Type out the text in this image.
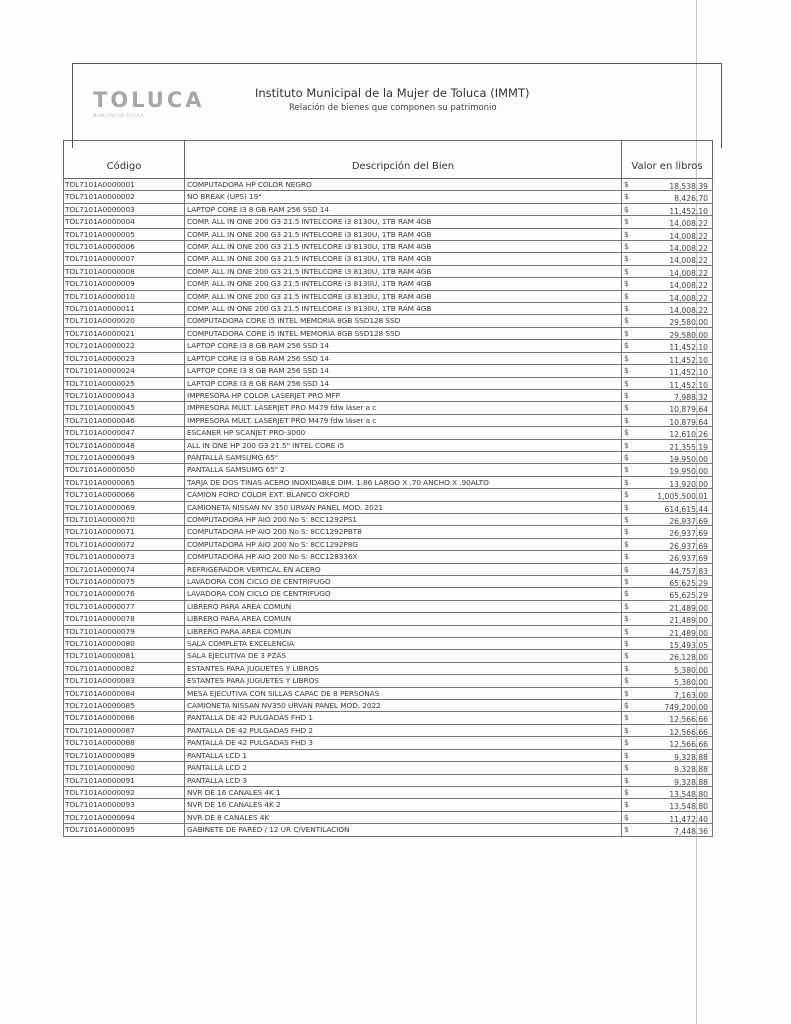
TOLUCA
MUNICIPIO DE TOLUCA
Instituto Municipal de la Mujer de Toluca (IMMT)
Relación de bienes que componen su patrimonio
Código	Descripción del Bien	Valor en libros
TOL7101A0000001	COMPUTADORA HP COLOR NEGRO	$ 18,538.39

TOL7101A0000002	NO BREAK (UPS) 19"	$ 8,426.70

TOL7101A0000003	LAPTOP CORE I3 8 GB RAM 256 SSD 14	$ 11,452.10

TOL7101A0000004	COMP. ALL IN ONE 200 G3 21.5 INTELCORE i3 8130U, 1TB RAM 4GB	$ 14,008.22

TOL7101A0000005	COMP. ALL IN ONE 200 G3 21.5 INTELCORE i3 8130U, 1TB RAM 4GB	$ 14,008.22

TOL7101A0000006	COMP. ALL IN ONE 200 G3 21.5 INTELCORE i3 8130U, 1TB RAM 4GB	$ 14,008.22

TOL7101A0000007	COMP. ALL IN ONE 200 G3 21.5 INTELCORE i3 8130U, 1TB RAM 4GB	$ 14,008.22

TOL7101A0000008	COMP. ALL IN ONE 200 G3 21.5 INTELCORE i3 8130U, 1TB RAM 4GB	$ 14,008.22

TOL7101A0000009	COMP. ALL IN ONE 200 G3 21.5 INTELCORE i3 8130U, 1TB RAM 4GB	$ 14,008.22

TOL7101A0000010	COMP. ALL IN ONE 200 G3 21.5 INTELCORE i3 8130U, 1TB RAM 4GB	$ 14,008.22

TOL7101A0000011	COMP. ALL IN ONE 200 G3 21.5 INTELCORE i3 8130U, 1TB RAM 4GB	$ 14,008.22

TOL7101A0000020	COMPUTADORA CORE i5 INTEL MEMORIA 8GB SSD128 SSD	$ 29,580.00

TOL7101A0000021	COMPUTADORA CORE i5 INTEL MEMORIA 8GB SSD128 SSD	$ 29,580.00

TOL7101A0000022	LAPTOP CORE I3 8 GB RAM 256 SSD 14	$ 11,452.10

TOL7101A0000023	LAPTOP CORE I3 8 GB RAM 256 SSD 14	$ 11,452.10

TOL7101A0000024	LAPTOP CORE I3 8 GB RAM 256 SSD 14	$ 11,452.10

TOL7101A0000025	LAPTOP CORE I3 8 GB RAM 256 SSD 14	$ 11,452.10

TOL7101A0000043	IMPRESORA HP COLOR LASERJET PRO MFP	$ 7,988.32

TOL7101A0000045	IMPRESORA MULT. LASERJET PRO M479 fdw láser a c	$ 10,879.64

TOL7101A0000046	IMPRESORA MULT. LASERJET PRO M479 fdw láser a c	$ 10,879.64

TOL7101A0000047	ESCÁNER HP SCANJET PRO-3000	$ 12,610.26

TOL7101A0000048	ALL IN ONE HP 200 G3 21.5" INTEL CORE i5	$ 21,355.19

TOL7101A0000049	PANTALLA SAMSUMG 65"	$ 19,950.00

TOL7101A0000050	PANTALLA SAMSUMG 65" 2	$ 19,950.00

TOL7101A0000065	TARJA DE DOS TINAS ACERO INOXIDABLE DIM. 1.86 LARGO X .70 ANCHO X .90ALTO	$ 13,920.00

TOL7101A0000066	CAMION FORD COLOR EXT. BLANCO OXFORD	$ 1,005,500.01

TOL7101A0000069	CAMIONETA NISSAN NV 350 URVAN PANEL MOD. 2021	$ 614,615.44

TOL7101A0000070	COMPUTADORA HP AIO 200 No S: 8CC1292PS1	$ 26,937.69

TOL7101A0000071	COMPUTADORA HP AIO 200 No S: 8CC1292PBT8	$ 26,937.69

TOL7101A0000072	COMPUTADORA HP AIO 200 No S: 8CC1292P8G	$ 26,937.69

TOL7101A0000073	COMPUTADORA HP AIO 200 No S: 8CC128336X	$ 26,937.69

TOL7101A0000074	REFRIGERADOR VERTICAL EN ACERO	$ 44,757.83

TOL7101A0000075	LAVADORA CON CICLO DE CENTRIFUGO	$ 65,625.29

TOL7101A0000076	LAVADORA CON CICLO DE CENTRIFUGO	$ 65,625.29

TOL7101A0000077	LIBRERO PARA AREA COMUN	$ 21,489.00

TOL7101A0000078	LIBRERO PARA AREA COMUN	$ 21,489.00

TOL7101A0000079	LIBRERO PARA AREA COMUN	$ 21,489.00

TOL7101A0000080	SALA COMPLETA EXCELENCIA	$ 15,493.05

TOL7101A0000081	SALA EJECUTIVA DE 3 PZAS	$ 26,128.00

TOL7101A0000082	ESTANTES PARA JUGUETES Y LIBROS	$ 5,380.00

TOL7101A0000083	ESTANTES PARA JUGUETES Y LIBROS	$ 5,380.00

TOL7101A0000084	MESA EJECUTIVA CON SILLAS CAPAC DE 8 PERSONAS	$ 7,163.00

TOL7101A0000085	CAMIONETA NISSAN NV350 URVAN PANEL MOD. 2022	$ 749,200.00

TOL7101A0000086	PANTALLA DE 42 PULGADAS FHD 1	$ 12,566.66

TOL7101A0000087	PANTALLA DE 42 PULGADAS FHD 2	$ 12,566.66

TOL7101A0000088	PANTALLA DE 42 PULGADAS FHD 3	$ 12,566.66

TOL7101A0000089	PANTALLA LCD 1	$ 9,328.88

TOL7101A0000090	PANTALLA LCD 2	$ 9,328.88

TOL7101A0000091	PANTALLA LCD 3	$ 9,328.88

TOL7101A0000092	NVR DE 16 CANALES 4K 1	$ 13,548.80

TOL7101A0000093	NVR DE 16 CANALES 4K 2	$ 13,548.80

TOL7101A0000094	NVR DE 8 CANALES 4K	$ 11,472.40

TOL7101A0000095	GABINETE DE PARED / 12 UR C/VENTILACION	$ 7,448.36
